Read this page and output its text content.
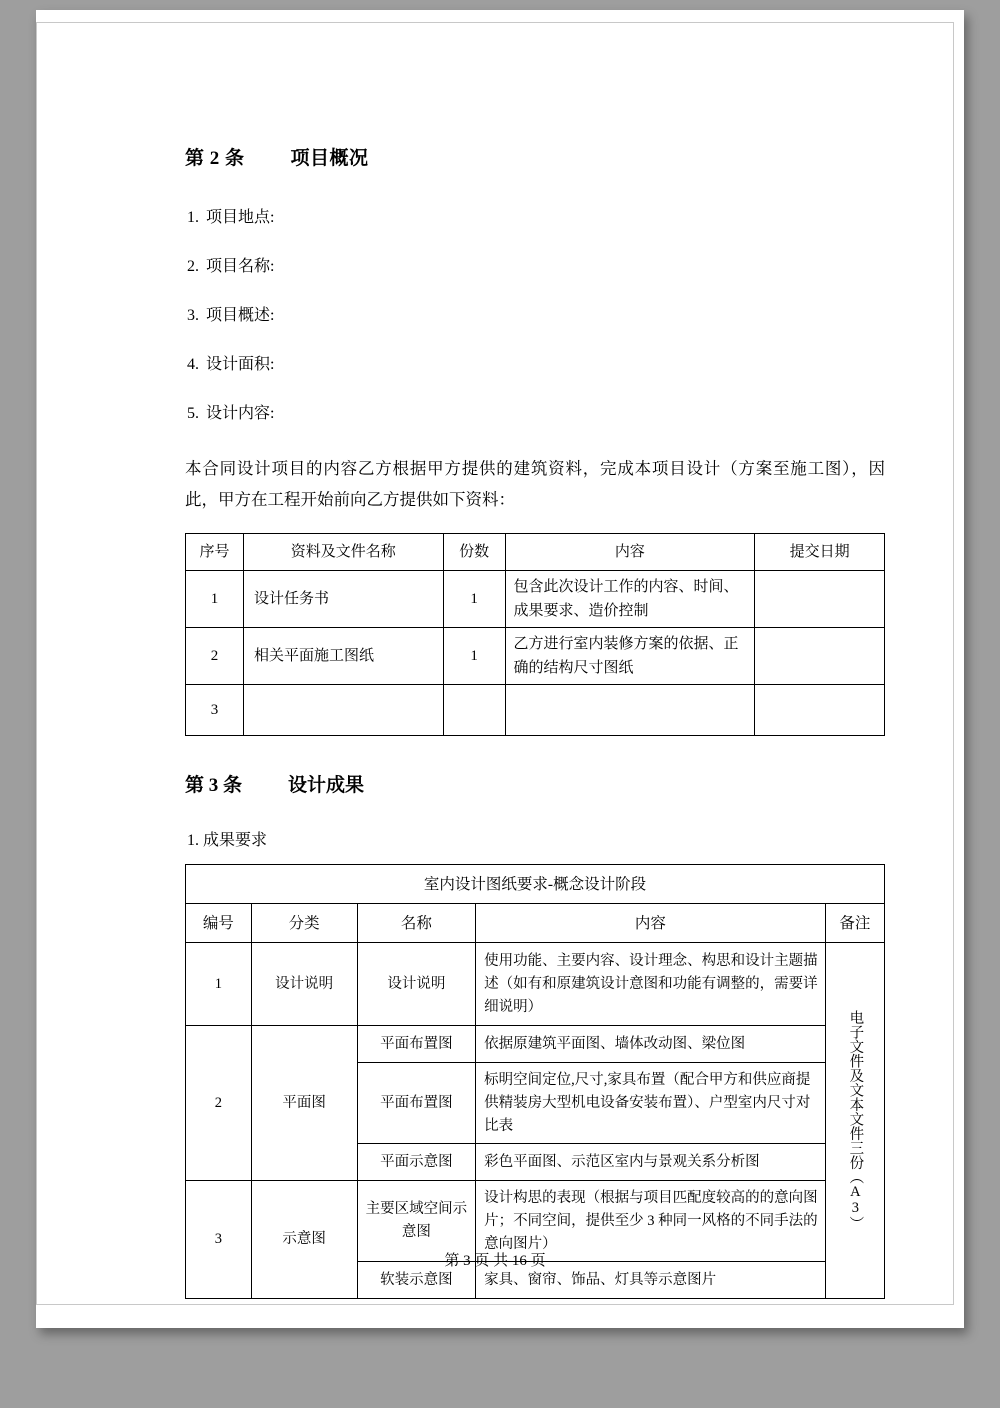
第 2 条 项目概况
1. 项目地点:
2. 项目名称:
3. 项目概述:
4. 设计面积:
5. 设计内容:

本合同设计项目的内容乙方根据甲方提供的建筑资料，完成本项目设计（方案至施工图），因此，甲方在工程开始前向乙方提供如下资料：

序号	资料及文件名称	份数	内容	提交日期
1	设计任务书	1	包含此次设计工作的内容、时间、成果要求、造价控制	
2	相关平面施工图纸	1	乙方进行室内装修方案的依据、正确的结构尺寸图纸	
3				
第 3 条 设计成果
1. 成果要求
室内设计图纸要求-概念设计阶段				
编号	分类	名称	内容	备注
1	设计说明	设计说明	使用功能、主要内容、设计理念、构思和设计主题描述（如有和原建筑设计意图和功能有调整的，需要详细说明）	电子文件及文本文件三份（A3）
2	平面图	平面布置图	依据原建筑平面图、墙体改动图、梁位图	
		平面布置图	标明空间定位,尺寸,家具布置（配合甲方和供应商提供精装房大型机电设备安装布置）、户型室内尺寸对比表	
		平面示意图	彩色平面图、示范区室内与景观关系分析图	
3	示意图	主要区域空间示意图	设计构思的表现（根据与项目匹配度较高的的意向图片；不同空间，提供至少 3 种同一风格的不同手法的意向图片）	
		软装示意图	家具、窗帘、饰品、灯具等示意图片	
第 3 页 共 16 页
